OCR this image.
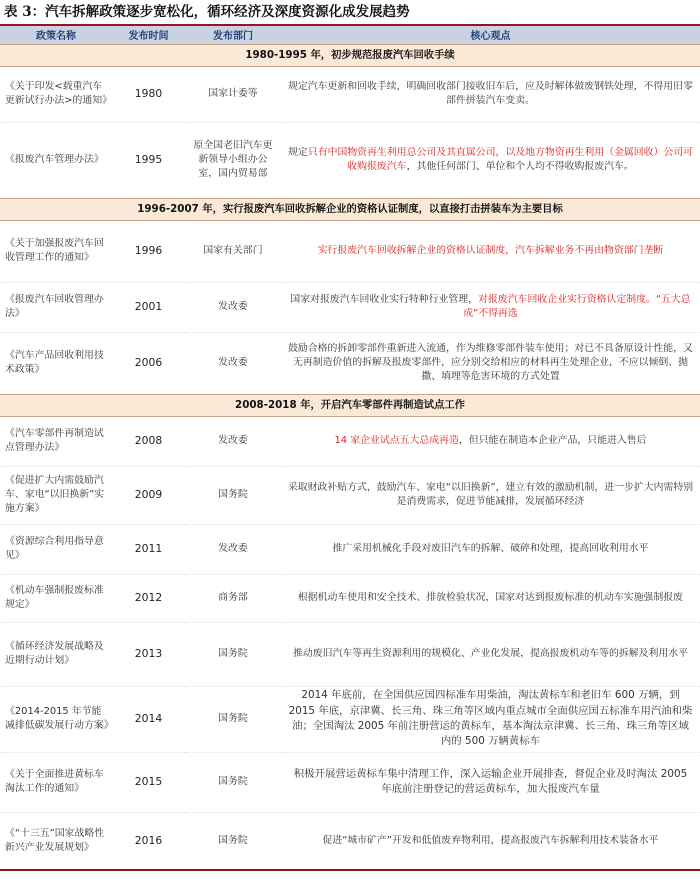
表 3：汽车拆解政策逐步宽松化，循环经济及深度资源化成发展趋势
政策名称	发布时间	发布部门	核心观点
1980-1995 年，初步规范报废汽车回收手续			
《关于印发<载重汽车更新试行办法>的通知》	1980	国家计委等	规定汽车更新和回收手续，明确回收部门接收旧车后，应及时解体做废钢铁处理，不得用旧零部件拼装汽车变卖。
《报废汽车管理办法》	1995	原全国老旧汽车更新领导小组办公室，国内贸易部	规定只有中国物资再生利用总公司及其直属公司，以及地方物资再生利用（金属回收）公司可收购报废汽车，其他任何部门、单位和个人均不得收购报废汽车。
1996-2007 年，实行报废汽车回收拆解企业的资格认证制度，以直接打击拼装车为主要目标			
《关于加强报废汽车回收管理工作的通知》	1996	国家有关部门	实行报废汽车回收拆解企业的资格认证制度，汽车拆解业务不再由物资部门垄断
《报废汽车回收管理办法》	2001	发改委	国家对报废汽车回收业实行特种行业管理，对报废汽车回收企业实行资格认定制度。“五大总成”不得再选
《汽车产品回收利用技术政策》	2006	发改委	鼓励合格的拆卸零部件重新进入流通，作为维修零部件装车使用；对已不具备原设计性能，又无再制造价值的拆解及报废零部件，应分别交给相应的材料再生处理企业，不应以倾倒、抛撒、填埋等危害环境的方式处置
2008-2018 年，开启汽车零部件再制造试点工作			
《汽车零部件再制造试点管理办法》	2008	发改委	14 家企业试点五大总成再造，但只能在制造本企业产品，只能进入售后
《促进扩大内需鼓励汽车、家电“以旧换新”实施方案》	2009	国务院	采取财政补贴方式，鼓励汽车、家电“以旧换新”，建立有效的激励机制，进一步扩大内需特别是消费需求，促进节能减排，发展循环经济
《资源综合利用指导意见》	2011	发改委	推广采用机械化手段对废旧汽车的拆解、破碎和处理，提高回收利用水平
《机动车强制报废标准规定》	2012	商务部	根据机动车使用和安全技术、排放检验状况，国家对达到报废标准的机动车实施强制报废
《循环经济发展战略及近期行动计划》	2013	国务院	推动废旧汽车等再生资源利用的规模化、产业化发展，提高报废机动车等的拆解及利用水平
《2014-2015 年节能减排低碳发展行动方案》	2014	国务院	2014 年底前，在全国供应国四标准车用柴油，淘汰黄标车和老旧车 600 万辆，到 2015 年底，京津冀、长三角、珠三角等区域内重点城市全面供应国五标准车用汽油和柴油；全国淘汰 2005 年前注册营运的黄标车，基本淘汰京津冀、长三角、珠三角等区域内的 500 万辆黄标车
《关于全面推进黄标车淘汰工作的通知》	2015	国务院	积极开展营运黄标车集中清理工作，深入运输企业开展排查，督促企业及时淘汰 2005 年底前注册登记的营运黄标车，加大报废汽车量
《“十三五”国家战略性新兴产业发展规划》	2016	国务院	促进“城市矿产”开发和低值废弃物利用，提高报废汽车拆解利用技术装备水平
